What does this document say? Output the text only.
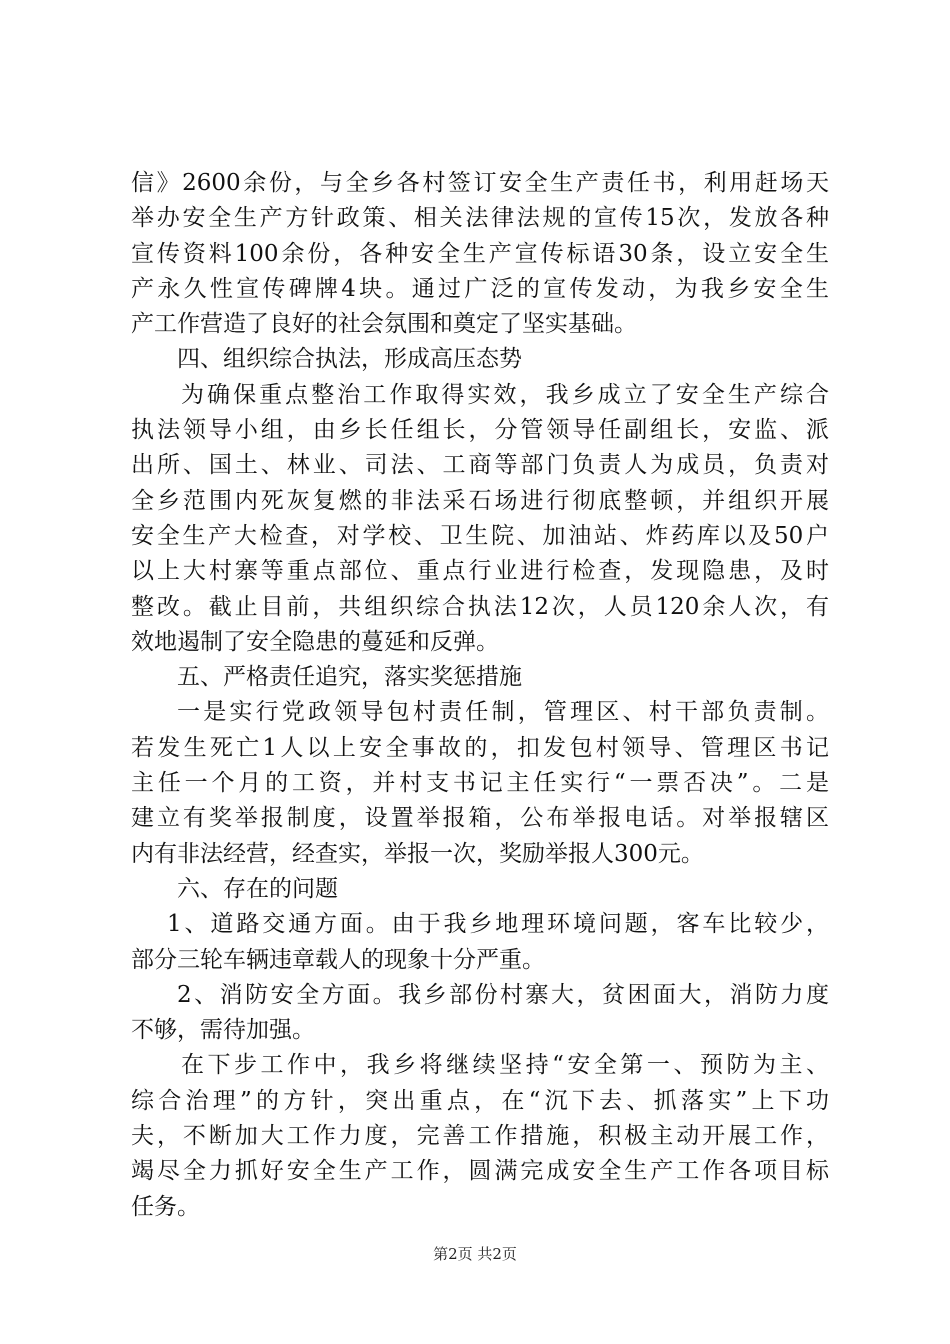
信》2600余份，与全乡各村签订安全生产责任书，利用赶场天
举办安全生产方针政策、相关法律法规的宣传15次，发放各种
宣传资料100余份，各种安全生产宣传标语30条，设立安全生
产永久性宣传碑牌4块。通过广泛的宣传发动，为我乡安全生
产工作营造了良好的社会氛围和奠定了坚实基础。
四、组织综合执法，形成高压态势
为确保重点整治工作取得实效，我乡成立了安全生产综合
执法领导小组，由乡长任组长，分管领导任副组长，安监、派
出所、国土、林业、司法、工商等部门负责人为成员，负责对
全乡范围内死灰复燃的非法采石场进行彻底整顿，并组织开展
安全生产大检查，对学校、卫生院、加油站、炸药库以及50户
以上大村寨等重点部位、重点行业进行检查，发现隐患，及时
整改。截止目前，共组织综合执法12次，人员120余人次，有
效地遏制了安全隐患的蔓延和反弹。
五、严格责任追究，落实奖惩措施
一是实行党政领导包村责任制，管理区、村干部负责制。
若发生死亡1人以上安全事故的，扣发包村领导、管理区书记
主任一个月的工资，并村支书记主任实行“一票否决”。二是
建立有奖举报制度，设置举报箱，公布举报电话。对举报辖区
内有非法经营，经查实，举报一次，奖励举报人300元。
六、存在的问题
1、道路交通方面。由于我乡地理环境问题，客车比较少，
部分三轮车辆违章载人的现象十分严重。
2、消防安全方面。我乡部份村寨大，贫困面大，消防力度
不够，需待加强。
在下步工作中，我乡将继续坚持“安全第一、预防为主、
综合治理”的方针，突出重点，在“沉下去、抓落实”上下功
夫，不断加大工作力度，完善工作措施，积极主动开展工作，
竭尽全力抓好安全生产工作，圆满完成安全生产工作各项目标
任务。
第2页 共2页
